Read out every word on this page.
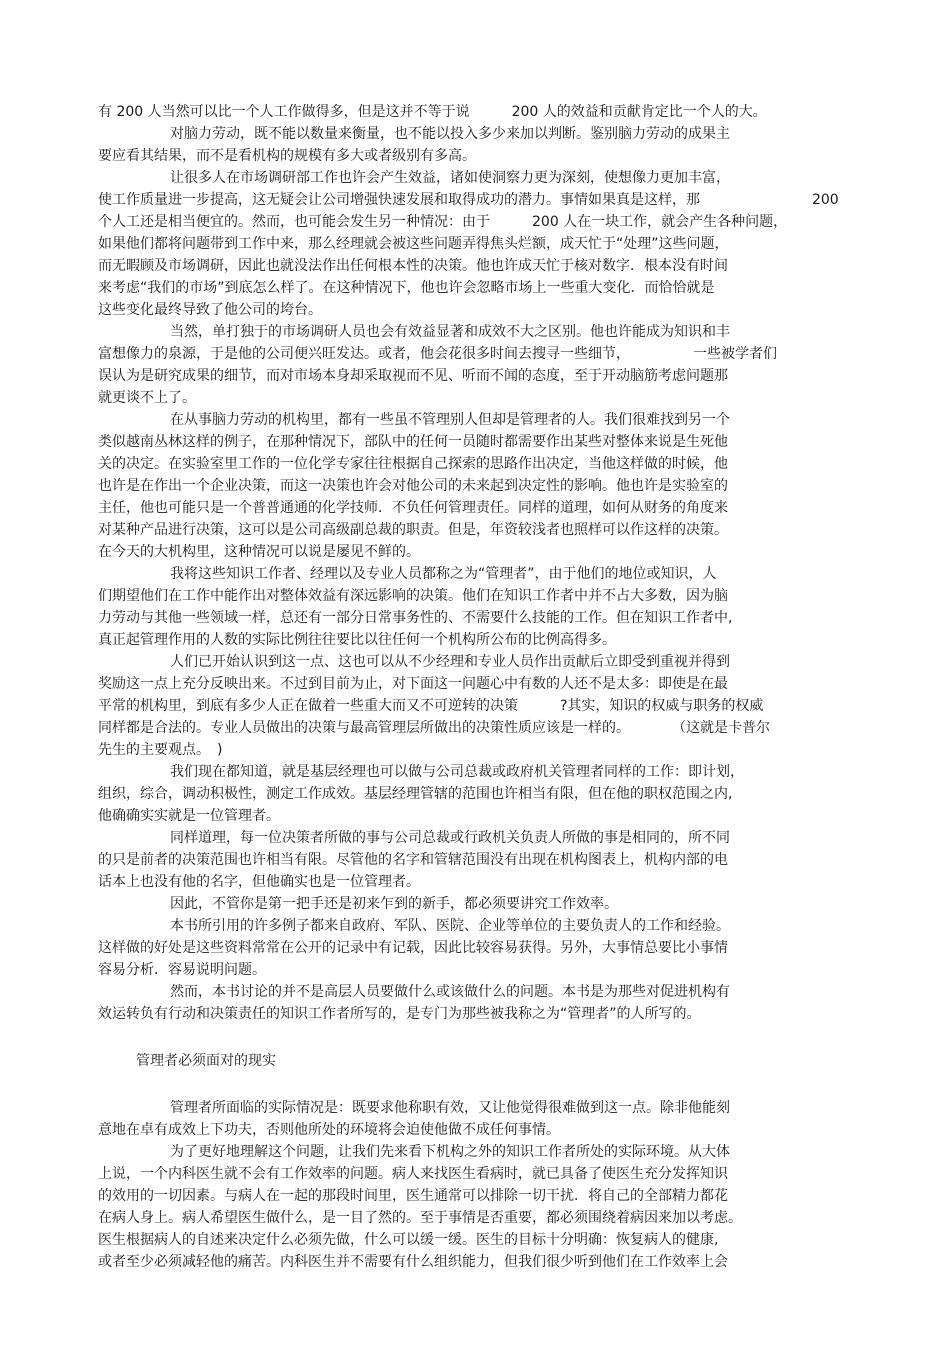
有 200 人当然可以比一个人工作做得多，但是这并不等于说　　　200 人的效益和贡献肯定比一个人的大。
对脑力劳动，既不能以数量来衡量，也不能以投入多少来加以判断。鉴别脑力劳动的成果主
要应看其结果，而不是看机构的规模有多大或者级别有多高。
让很多人在市场调研部工作也许会产生效益，诸如使洞察力更为深刻，使想像力更加丰富，
使工作质量进一步提高，这无疑会让公司增强快速发展和取得成功的潜力。事情如果真是这样，那　　　　　　　　200
个人工还是相当便宜的。然而，也可能会发生另一种情况：由于　　　200 人在一块工作，就会产生各种问题，
如果他们都将问题带到工作中来，那么经理就会被这些问题弄得焦头烂额，成天忙于“处理”这些问题，
而无暇顾及市场调研，因此也就没法作出任何根本性的决策。他也许成天忙于核对数字．根本没有时间
来考虑“我们的市场”到底怎么样了。在这种情况下，他也许会忽略市场上一些重大变化．而恰恰就是
这些变化最终导致了他公司的垮台。
当然，单打独于的市场调研人员也会有效益显著和成效不大之区别。他也许能成为知识和丰
富想像力的泉源，于是他的公司便兴旺发达。或者，他会花很多时间去搜寻一些细节，　　　　　一些被学者们
误认为是研究成果的细节，而对市场本身却采取视而不见、听而不闻的态度，至于开动脑筋考虑问题那
就更谈不上了。
在从事脑力劳动的机构里，都有一些虽不管理别人但却是管理者的人。我们很难找到另一个
类似越南丛林这样的例子，在那种情况下，部队中的任何一员随时都需要作出某些对整体来说是生死他
关的决定。在实验室里工作的一位化学专家往往根据自己探索的思路作出决定，当他这样做的时候，他
也许是在作出一个企业决策，而这一决策也许会对他公司的未来起到决定性的影响。他也许是实验室的
主任，他也可能只是一个普普通通的化学技师．不负任何管理责任。同样的道理，如何从财务的角度来
对某种产品进行决策，这可以是公司高级副总裁的职责。但是，年资较浅者也照样可以作这样的决策。
在今天的大机构里，这种情况可以说是屡见不鲜的。
我将这些知识工作者、经理以及专业人员都称之为“管理者”，由于他们的地位或知识，人
们期望他们在工作中能作出对整体效益有深远影响的决策。他们在知识工作者中并不占大多数，因为脑
力劳动与其他一些领域一样，总还有一部分日常事务性的、不需要什么技能的工作。但在知识工作者中,
真正起管理作用的人数的实际比例往往要比以往任何一个机构所公布的比例高得多。
人们已开始认识到这一点、这也可以从不少经理和专业人员作出贡献后立即受到重视并得到
奖励这一点上充分反映出来。不过到目前为止，对下面这一问题心中有数的人还不是太多：即使是在最
平常的机构里，到底有多少人正在做着一些重大而又不可逆转的决策　　　?其实，知识的权威与职务的权威
同样都是合法的。专业人员做出的决策与最高管理层所做出的决策性质应该是一样的。　　　　（这就是卡普尔
先生的主要观点。　)
我们现在都知道，就是基层经理也可以做与公司总裁或政府机关管理者同样的工作：即计划，
组织，综合，调动积极性，测定工作成效。基层经理管辖的范围也许相当有限，但在他的职权范围之内,
他确确实实就是一位管理者。
同样道理，每一位决策者所做的事与公司总裁或行政机关负责人所做的事是相同的，所不同
的只是前者的决策范围也许相当有限。尽管他的名字和管辖范围没有出现在机构图表上，机构内部的电
话本上也没有他的名字，但他确实也是一位管理者。
因此，不管你是第一把手还是初来乍到的新手，都必须要讲究工作效率。
本书所引用的许多例子都来自政府、军队、医院、企业等单位的主要负责人的工作和经验。
这样做的好处是这些资料常常在公开的记录中有记载，因此比较容易获得。另外，大事情总要比小事情
容易分析．容易说明问题。
然而，本书讨论的并不是高层人员要做什么或该做什么的问题。本书是为那些对促进机构有
效运转负有行动和决策责任的知识工作者所写的，是专门为那些被我称之为“管理者”的人所写的。
管理者必须面对的现实
管理者所面临的实际情况是：既要求他称职有效，又让他觉得很难做到这一点。除非他能刻
意地在卓有成效上下功夫，否则他所处的环境将会迫使他做不成任何事情。
为了更好地理解这个问题，让我们先来看下机构之外的知识工作者所处的实际环境。从大体
上说，一个内科医生就不会有工作效率的问题。病人来找医生看病时，就已具备了使医生充分发挥知识
的效用的一切因素。与病人在一起的那段时间里，医生通常可以排除一切干扰．将自己的全部精力都花
在病人身上。病人希望医生做什么，是一目了然的。至于事情是否重要，都必须围绕着病因来加以考虑。
医生根据病人的自述来决定什么必须先做，什么可以缓一缓。医生的目标十分明确：恢复病人的健康,
或者至少必须减轻他的痛苦。内科医生并不需要有什么组织能力，但我们很少听到他们在工作效率上会
